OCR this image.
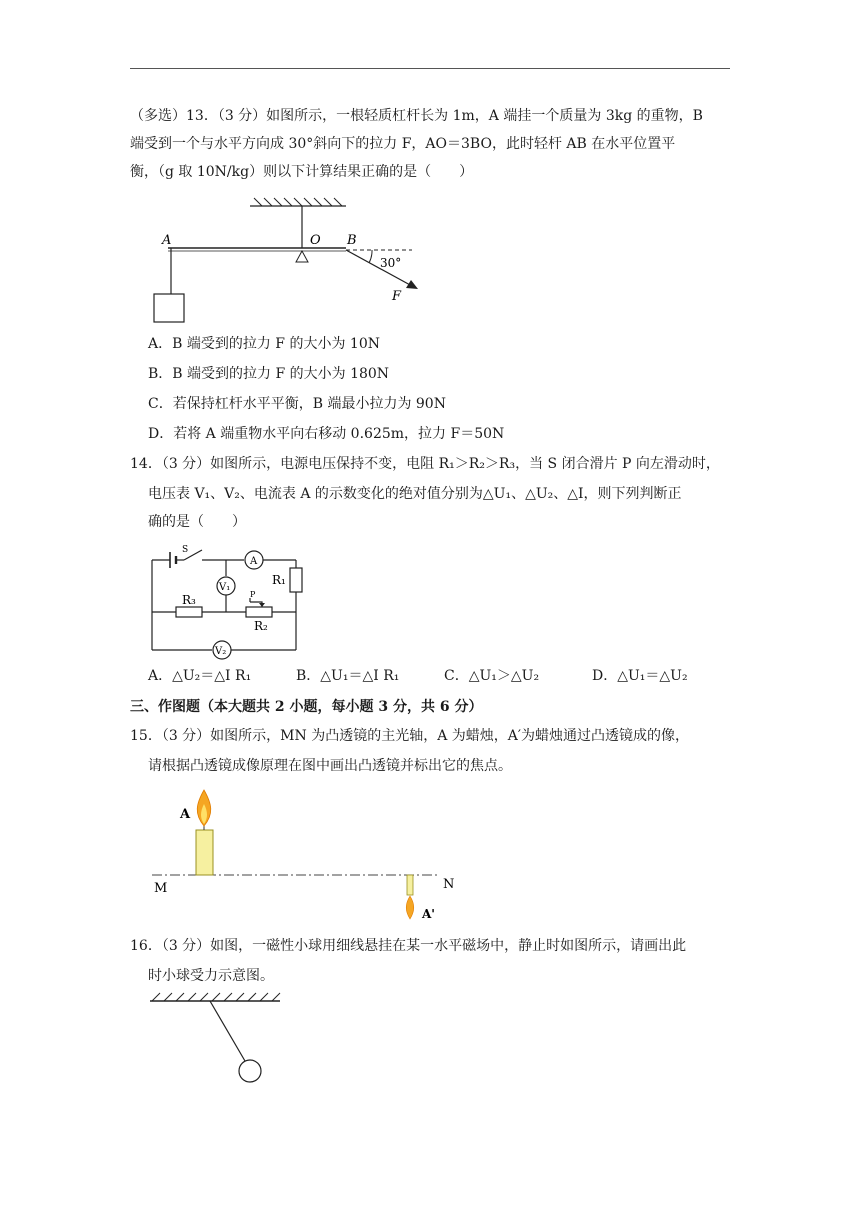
（多选）13．（3 分）如图所示，一根轻质杠杆长为 1m，A 端挂一个质量为 3kg 的重物，B
端受到一个与水平方向成 30°斜向下的拉力 F，AO＝3BO，此时轻杆 AB 在水平位置平
衡，（g 取 10N/kg）则以下计算结果正确的是（　　）
A	O B
30°
F
A．B 端受到的拉力 F 的大小为 10N
B．B 端受到的拉力 F 的大小为 180N
C．若保持杠杆水平平衡，B 端最小拉力为 90N
D．若将 A 端重物水平向右移动 0.625m，拉力 F＝50N
14．（3 分）如图所示，电源电压保持不变，电阻 R₁＞R₂＞R₃，当 S 闭合滑片 P 向左滑动时，
电压表 V₁、V₂、电流表 A 的示数变化的绝对值分别为△U₁、△U₂、△I，则下列判断正
确的是（　　）
S
A
V₁
R₁
R₃	P
R₂
V₂
A．△U₂＝△I R₁	B．△U₁＝△I R₁	C．△U₁＞△U₂	D．△U₁＝△U₂
三、作图题（本大题共 2 小题，每小题 3 分，共 6 分）
15．（3 分）如图所示，MN 为凸透镜的主光轴，A 为蜡烛，A′为蜡烛通过凸透镜成的像，
请根据凸透镜成像原理在图中画出凸透镜并标出它的焦点。
A
M	N
A'
16．（3 分）如图，一磁性小球用细线悬挂在某一水平磁场中，静止时如图所示，请画出此
时小球受力示意图。
